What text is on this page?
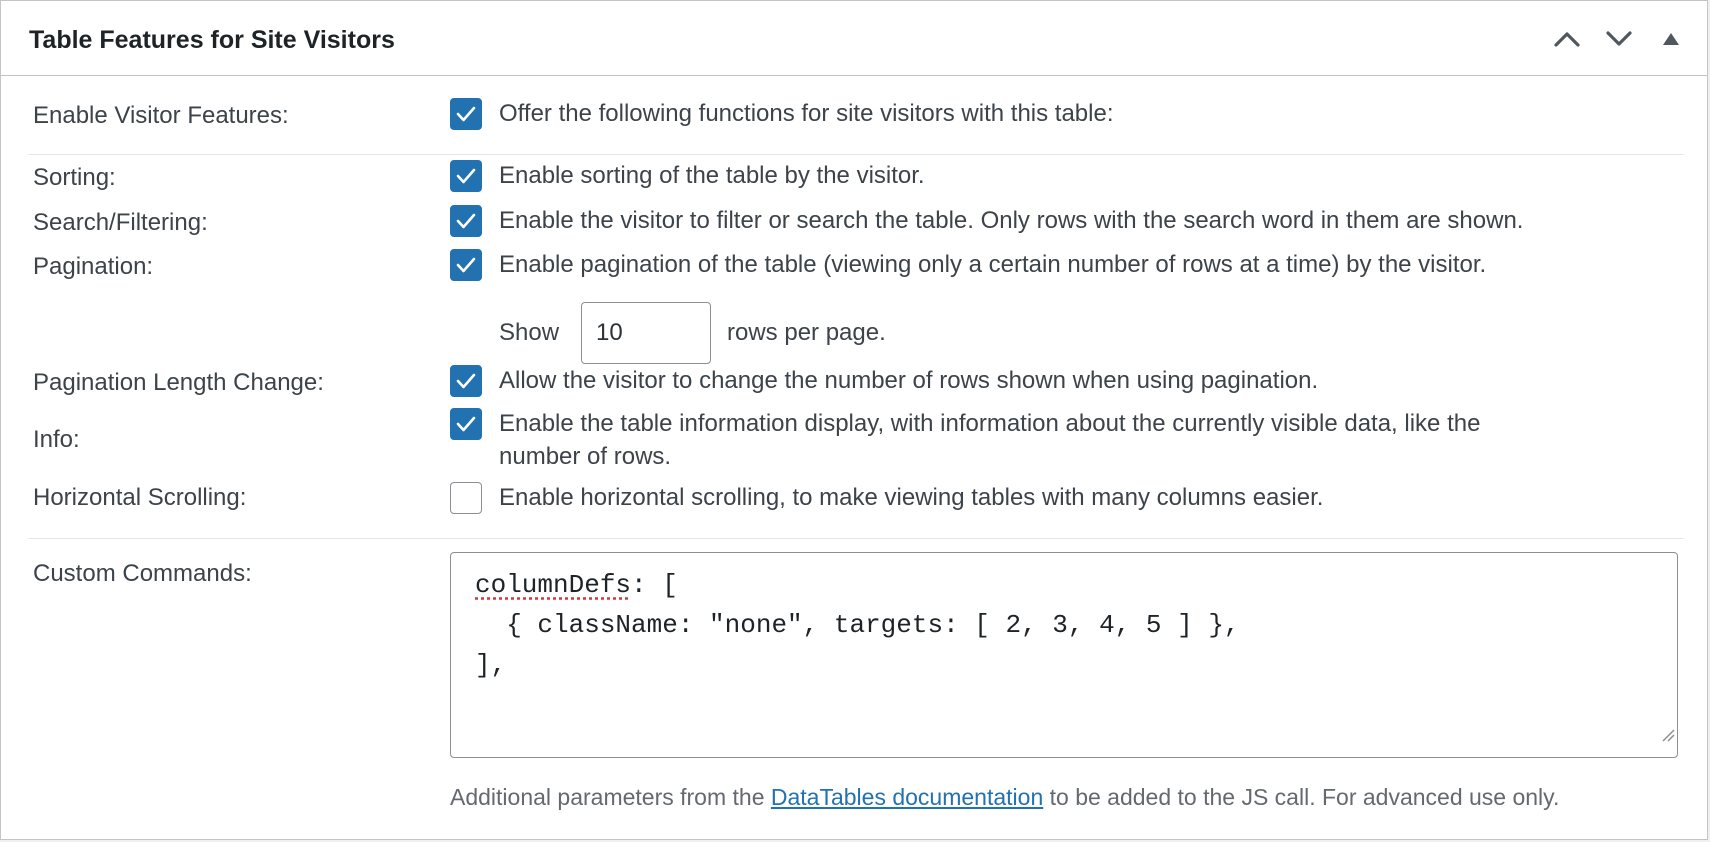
Table Features for Site Visitors
Enable Visitor Features:	Offer the following functions for site visitors with this table:
Sorting:	Enable sorting of the table by the visitor.
Search/Filtering:	Enable the visitor to filter or search the table. Only rows with the search word in them are shown.
Pagination:	Enable pagination of the table (viewing only a certain number of rows at a time) by the visitor.
Show
10	rows per page.
Pagination Length Change:	Allow the visitor to change the number of rows shown when using pagination.
Info:
Enable the table information display, with information about the currently visible data, like the
number of rows.
Horizontal Scrolling:	Enable horizontal scrolling, to make viewing tables with many columns easier.
Custom Commands:	columnDefs: [
{ className: "none", targets: [ 2, 3, 4, 5 ] },
],
Additional parameters from the DataTables documentation to be added to the JS call. For advanced use only.
